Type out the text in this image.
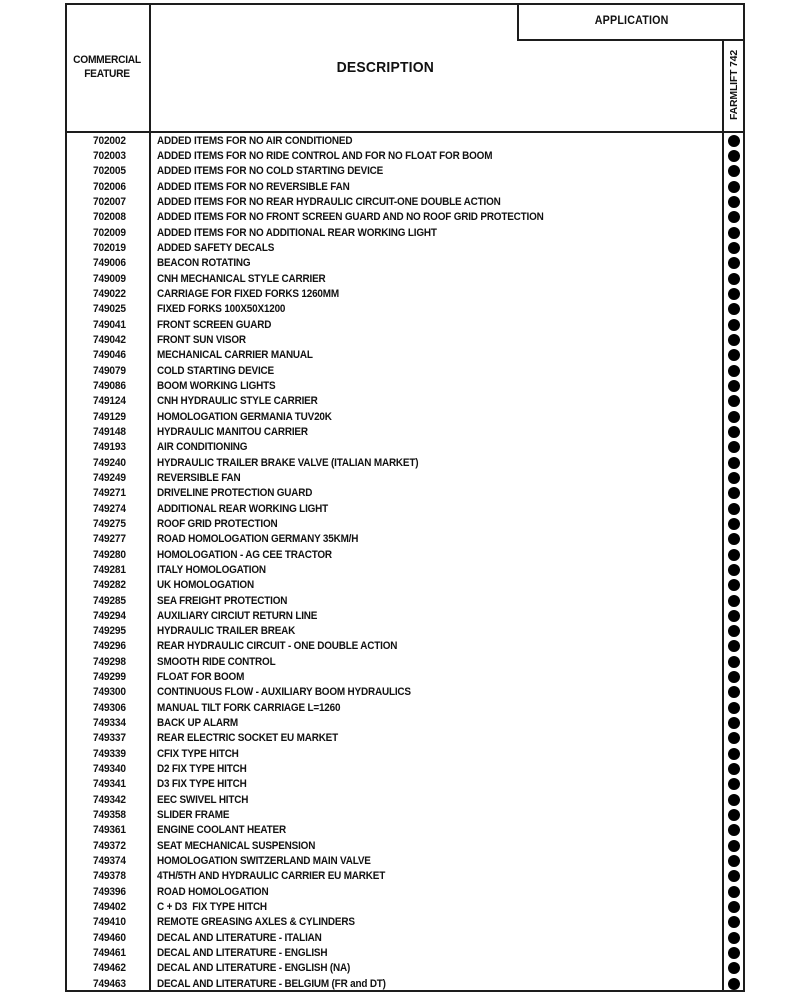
COMMERCIAL FEATURE	DESCRIPTION
APPLICATION
FARMLIFT 742
702002	ADDED ITEMS FOR NO AIR CONDITIONED
702003	ADDED ITEMS FOR NO RIDE CONTROL AND FOR NO FLOAT FOR BOOM
702005	ADDED ITEMS FOR NO COLD STARTING DEVICE
702006	ADDED ITEMS FOR NO REVERSIBLE FAN
702007	ADDED ITEMS FOR NO REAR HYDRAULIC CIRCUIT-ONE DOUBLE ACTION
702008	ADDED ITEMS FOR NO FRONT SCREEN GUARD AND NO ROOF GRID PROTECTION
702009	ADDED ITEMS FOR NO ADDITIONAL REAR WORKING LIGHT
702019	ADDED SAFETY DECALS
749006	BEACON ROTATING
749009	CNH MECHANICAL STYLE CARRIER
749022	CARRIAGE FOR FIXED FORKS 1260MM
749025	FIXED FORKS 100X50X1200
749041	FRONT SCREEN GUARD
749042	FRONT SUN VISOR
749046	MECHANICAL CARRIER MANUAL
749079	COLD STARTING DEVICE
749086	BOOM WORKING LIGHTS
749124	CNH HYDRAULIC STYLE CARRIER
749129	HOMOLOGATION GERMANIA TUV20K
749148	HYDRAULIC MANITOU CARRIER
749193	AIR CONDITIONING
749240	HYDRAULIC TRAILER BRAKE VALVE (ITALIAN MARKET)
749249	REVERSIBLE FAN
749271	DRIVELINE PROTECTION GUARD
749274	ADDITIONAL REAR WORKING LIGHT
749275	ROOF GRID PROTECTION
749277	ROAD HOMOLOGATION GERMANY 35KM/H
749280	HOMOLOGATION - AG CEE TRACTOR
749281	ITALY HOMOLOGATION
749282	UK HOMOLOGATION
749285	SEA FREIGHT PROTECTION
749294	AUXILIARY CIRCIUT RETURN LINE
749295	HYDRAULIC TRAILER BREAK
749296	REAR HYDRAULIC CIRCUIT - ONE DOUBLE ACTION
749298	SMOOTH RIDE CONTROL
749299	FLOAT FOR BOOM
749300	CONTINUOUS FLOW - AUXILIARY BOOM HYDRAULICS
749306	MANUAL TILT FORK CARRIAGE L=1260
749334	BACK UP ALARM
749337	REAR ELECTRIC SOCKET EU MARKET
749339	CFIX TYPE HITCH
749340	D2 FIX TYPE HITCH
749341	D3 FIX TYPE HITCH
749342	EEC SWIVEL HITCH
749358	SLIDER FRAME
749361	ENGINE COOLANT HEATER
749372	SEAT MECHANICAL SUSPENSION
749374	HOMOLOGATION SWITZERLAND MAIN VALVE
749378	4TH/5TH AND HYDRAULIC CARRIER EU MARKET
749396	ROAD HOMOLOGATION
749402	C + D3  FIX TYPE HITCH
749410	REMOTE GREASING AXLES & CYLINDERS
749460	DECAL AND LITERATURE - ITALIAN
749461	DECAL AND LITERATURE - ENGLISH
749462	DECAL AND LITERATURE - ENGLISH (NA)
749463	DECAL AND LITERATURE - BELGIUM (FR and DT)
